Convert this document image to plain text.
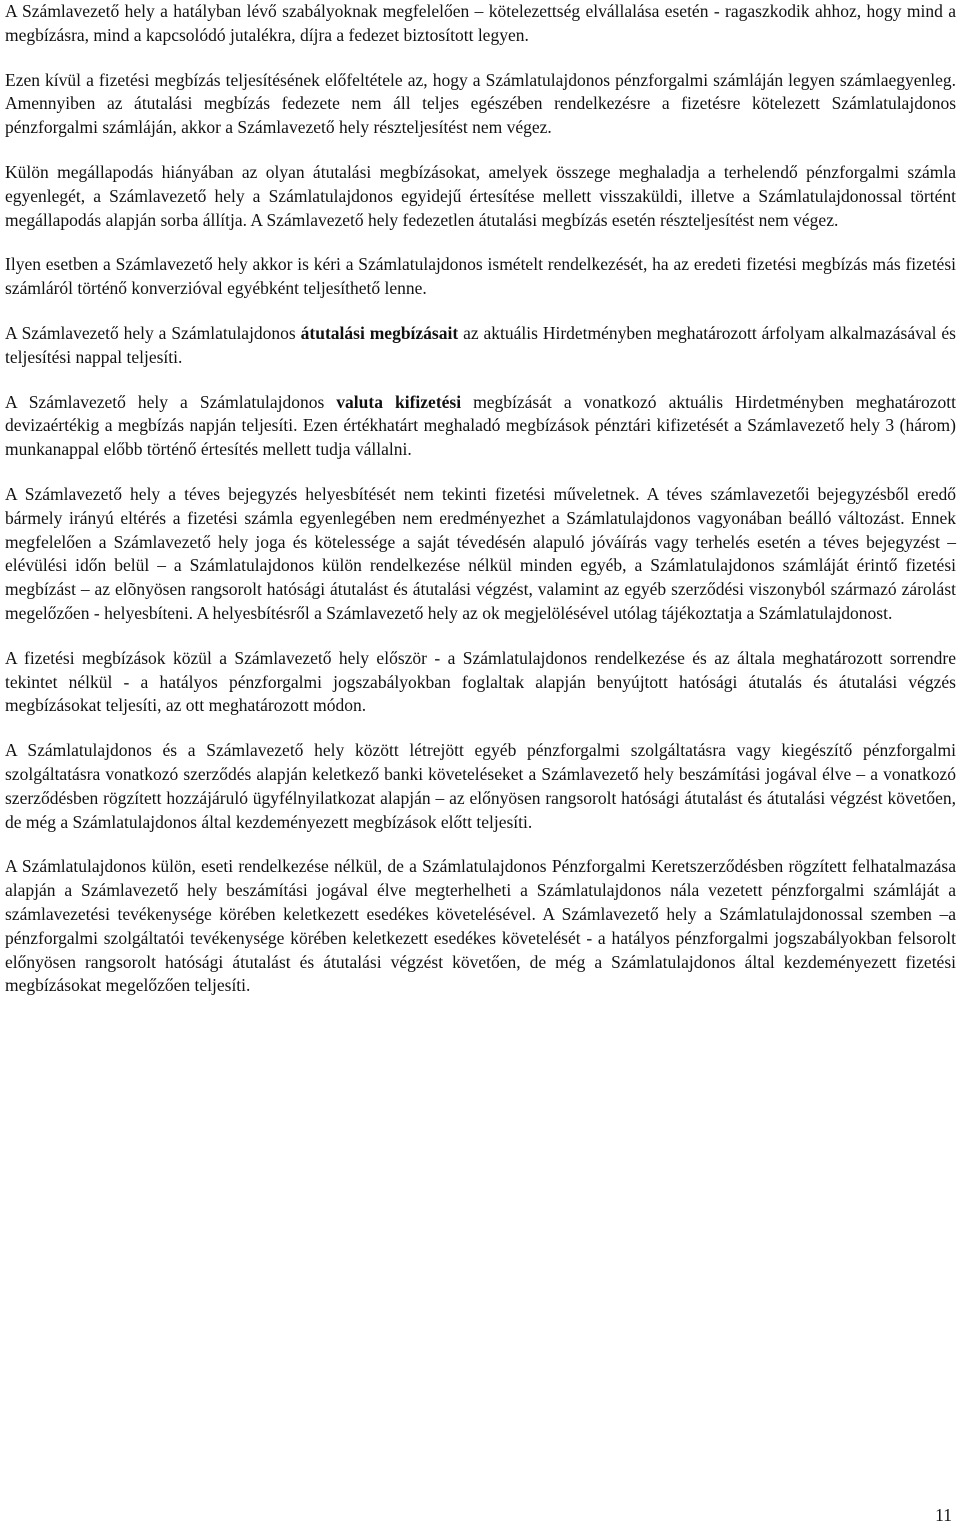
A Számlavezető hely a hatályban lévő szabályoknak megfelelően – kötelezettség elvállalása esetén - ragaszkodik ahhoz, hogy mind a megbízásra, mind a kapcsolódó jutalékra, díjra a fedezet biztosított legyen.

Ezen kívül a fizetési megbízás teljesítésének előfeltétele az, hogy a Számlatulajdonos pénzforgalmi számláján legyen számlaegyenleg. Amennyiben az átutalási megbízás fedezete nem áll teljes egészében rendelkezésre a fizetésre kötelezett Számlatulajdonos pénzforgalmi számláján, akkor a Számlavezető hely részteljesítést nem végez.

Külön megállapodás hiányában az olyan átutalási megbízásokat, amelyek összege meghaladja a terhelendő pénzforgalmi számla egyenlegét, a Számlavezető hely a Számlatulajdonos egyidejű értesítése mellett visszaküldi, illetve a Számlatulajdonossal történt megállapodás alapján sorba állítja. A Számlavezető hely fedezetlen átutalási megbízás esetén részteljesítést nem végez.

Ilyen esetben a Számlavezető hely akkor is kéri a Számlatulajdonos ismételt rendelkezését, ha az eredeti fizetési megbízás más fizetési számláról történő konverzióval egyébként teljesíthető lenne.

A Számlavezető hely a Számlatulajdonos átutalási megbízásait az aktuális Hirdetményben meghatározott árfolyam alkalmazásával és teljesítési nappal teljesíti.

A Számlavezető hely a Számlatulajdonos valuta kifizetési megbízását a vonatkozó aktuális Hirdetményben meghatározott devizaértékig a megbízás napján teljesíti. Ezen értékhatárt meghaladó megbízások pénztári kifizetését a Számlavezető hely 3 (három) munkanappal előbb történő értesítés mellett tudja vállalni.

A Számlavezető hely a téves bejegyzés helyesbítését nem tekinti fizetési műveletnek. A téves számlavezetői bejegyzésből eredő bármely irányú eltérés a fizetési számla egyenlegében nem eredményezhet a Számlatulajdonos vagyonában beálló változást. Ennek megfelelően a Számlavezető hely joga és kötelessége a saját tévedésén alapuló jóváírás vagy terhelés esetén a téves bejegyzést – elévülési időn belül – a Számlatulajdonos külön rendelkezése nélkül minden egyéb, a Számlatulajdonos számláját érintő fizetési megbízást – az elõnyösen rangsorolt hatósági átutalást és átutalási végzést, valamint az egyéb szerződési viszonyból származó zárolást megelőzően - helyesbíteni. A helyesbítésről a Számlavezető hely az ok megjelölésével utólag tájékoztatja a Számlatulajdonost.

A fizetési megbízások közül a Számlavezető hely először - a Számlatulajdonos rendelkezése és az általa meghatározott sorrendre tekintet nélkül - a hatályos pénzforgalmi jogszabályokban foglaltak alapján benyújtott hatósági átutalás és átutalási végzés megbízásokat teljesíti, az ott meghatározott módon.

A Számlatulajdonos és a Számlavezető hely között létrejött egyéb pénzforgalmi szolgáltatásra vagy kiegészítő pénzforgalmi szolgáltatásra vonatkozó szerződés alapján keletkező banki követeléseket a Számlavezető hely beszámítási jogával élve – a vonatkozó szerződésben rögzített hozzájáruló ügyfélnyilatkozat alapján – az előnyösen rangsorolt hatósági átutalást és átutalási végzést követően, de még a Számlatulajdonos által kezdeményezett megbízások előtt teljesíti.

A Számlatulajdonos külön, eseti rendelkezése nélkül, de a Számlatulajdonos Pénzforgalmi Keretszerződésben rögzített felhatalmazása alapján a Számlavezető hely beszámítási jogával élve megterhelheti a Számlatulajdonos nála vezetett pénzforgalmi számláját a számlavezetési tevékenysége körében keletkezett esedékes követelésével. A Számlavezető hely a Számlatulajdonossal szemben –a pénzforgalmi szolgáltatói tevékenysége körében keletkezett esedékes követelését - a hatályos pénzforgalmi jogszabályokban felsorolt előnyösen rangsorolt hatósági átutalást és átutalási végzést követően, de még a Számlatulajdonos által kezdeményezett fizetési megbízásokat megelőzően teljesíti.

11
